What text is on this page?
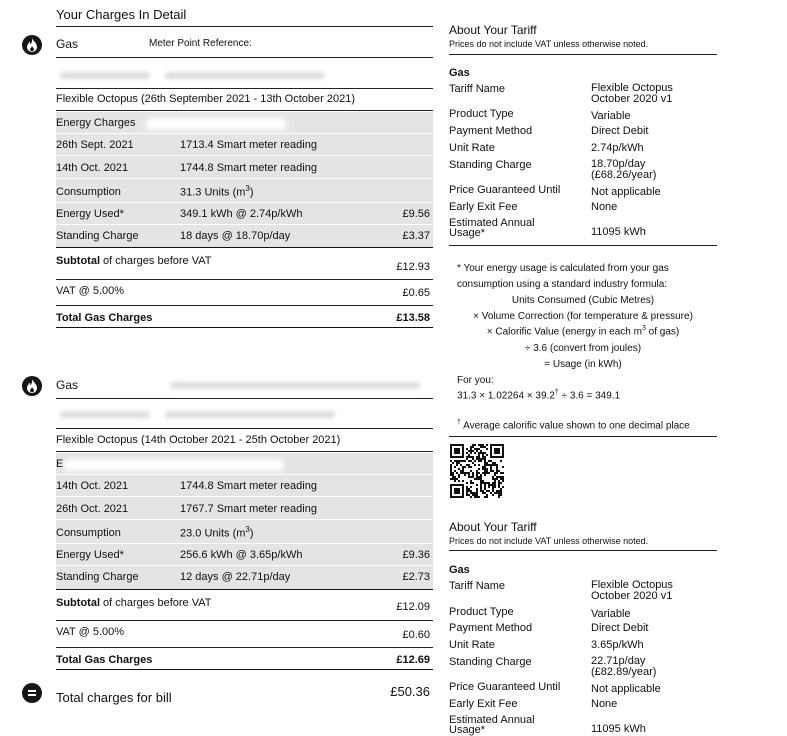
Your Charges In Detail
Gas	Meter Point Reference:
Flexible Octopus (26th September 2021 - 13th October 2021)
Energy Charges
26th Sept. 2021	1713.4 Smart meter reading
14th Oct. 2021	1744.8 Smart meter reading
Consumption	31.3 Units $(m^3)$
Energy Used*	349.1 kWh @ 2.74p/kWh	£9.56
Standing Charge	18 days @ 18.70p/day	£3.37
Subtotal of charges before VAT	£12.93
VAT @ 5.00%	£0.65
Total Gas Charges	£13.58
Gas
Flexible Octopus (14th October 2021 - 25th October 2021)
E
14th Oct. 2021	1744.8 Smart meter reading
26th Oct. 2021	1767.7 Smart meter reading
Consumption	23.0 Units $(m^3)$
Energy Used*	256.6 kWh @ 3.65p/kWh	£9.36
Standing Charge	12 days @ 22.71p/day	£2.73
Subtotal of charges before VAT	£12.09
VAT @ 5.00%	£0.60
Total Gas Charges	£12.69
Total charges for bill	£50.36
About Your Tariff
Prices do not include VAT unless otherwise noted.
Gas
Tariff Name	Flexible Octopus
October 2020 v1
Product Type	Variable
Payment Method	Direct Debit
Unit Rate	2.74p/kWh
Standing Charge	18.70p/day
(£68.26/year)
Price Guaranteed Until	Not applicable
Early Exit Fee	None
Estimated Annual
Usage*	11095 kWh
* Your energy usage is calculated from your gas
consumption using a standard industry formula:
Units Consumed (Cubic Metres)
× Volume Correction (for temperature & pressure)
× Calorific Value (energy in each $m^3$ of gas)
÷ 3.6 (convert from joules)
= Usage (in kWh)
For you:
31.3 × 1.02264 × 39.2† ÷ 3.6 = 349.1
† Average calorific value shown to one decimal place
About Your Tariff
Prices do not include VAT unless otherwise noted.
Gas
Tariff Name	Flexible Octopus
October 2020 v1
Product Type	Variable
Payment Method	Direct Debit
Unit Rate	3.65p/kWh
Standing Charge	22.71p/day
(£82.89/year)
Price Guaranteed Until	Not applicable
Early Exit Fee	None
Estimated Annual
Usage*	11095 kWh
